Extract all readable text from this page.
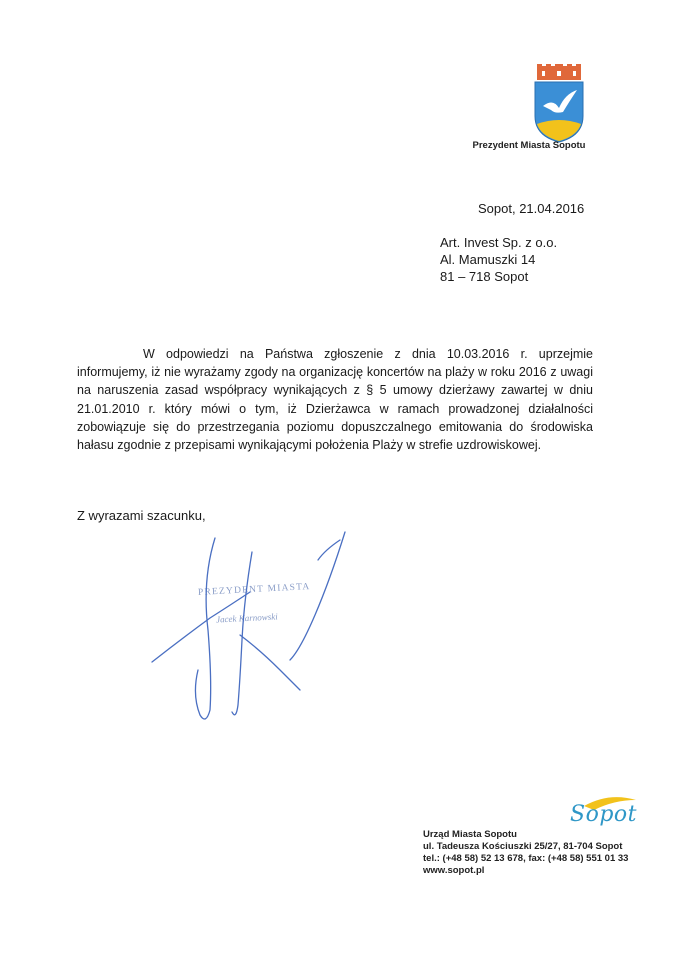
Prezydent Miasta Sopotu
Sopot, 21.04.2016
Art. Invest Sp. z o.o.
Al. Mamuszki 14
81 – 718 Sopot
W odpowiedzi na Państwa zgłoszenie z dnia 10.03.2016 r. uprzejmie informujemy, iż nie wyrażamy zgody na organizację koncertów na plaży w roku 2016 z uwagi na naruszenia zasad współpracy wynikających z § 5 umowy dzierżawy zawartej w dniu 21.01.2010 r. który mówi o tym, iż Dzierżawca w ramach prowadzonej działalności zobowiązuje się do przestrzegania poziomu dopuszczalnego emitowania do środowiska hałasu zgodnie z przepisami wynikającymi położenia Plaży w strefie uzdrowiskowej.
Z wyrazami szacunku,
PREZYDENT MIASTA
Jacek Karnowski
Sopot
Urząd Miasta Sopotu
ul. Tadeusza Kościuszki 25/27, 81-704 Sopot
tel.: (+48 58) 52 13 678, fax: (+48 58) 551 01 33
www.sopot.pl
